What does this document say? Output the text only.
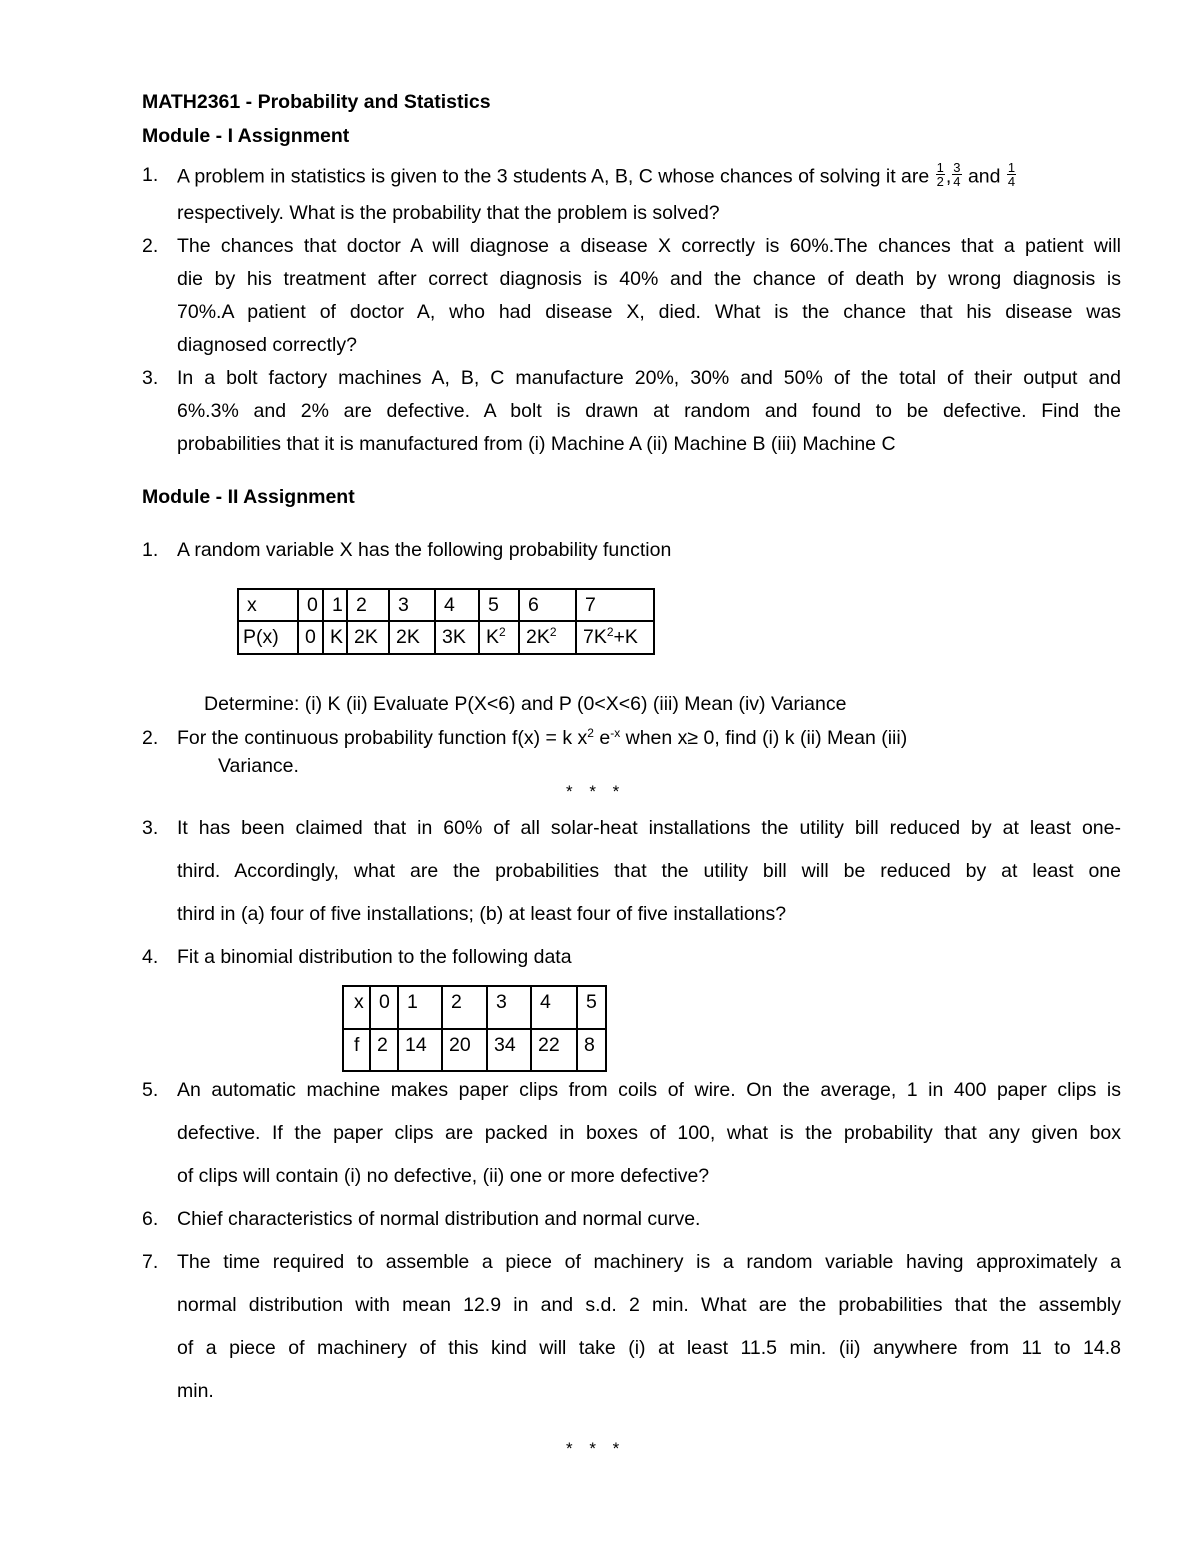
MATH2361 - Probability and Statistics
Module - I Assignment
1. A problem in statistics is given to the 3 students A, B, C whose chances of solving it are $\frac{1}{2}$ , $\frac{3}{4}$ and $\frac{1}{4}$
respectively. What is the probability that the problem is solved?
2. The chances that doctor A will diagnose a disease X correctly is 60%.The chances that a patient will
die by his treatment after correct diagnosis is 40% and the chance of death by wrong diagnosis is
70%.A patient of doctor A, who had disease X, died. What is the chance that his disease was
diagnosed correctly?
3. In a bolt factory machines A, B, C manufacture 20%, 30% and 50% of the total of their output and
6%.3% and 2% are defective. A bolt is drawn at random and found to be defective. Find the
probabilities that it is manufactured from (i) Machine A (ii) Machine B (iii) Machine C
Module - II Assignment
1. A random variable X has the following probability function
x	0	1	2	3	4	5	6	7
P(x)	0	K	2K	2K	3K	$K^2$	$2K^2$	$7K^2+K$
Determine: (i) K (ii) Evaluate P(X<6) and P (0<X<6) (iii) Mean (iv) Variance
2. For the continuous probability function f(x) = k $x^2$ $e^{-x}$ when x≥ 0, find (i) k (ii) Mean (iii)
Variance.
* * *
3. It has been claimed that in 60% of all solar-heat installations the utility bill reduced by at least one-
third. Accordingly, what are the probabilities that the utility bill will be reduced by at least one
third in (a) four of five installations; (b) at least four of five installations?
4. Fit a binomial distribution to the following data
x	0	1	2	3	4	5
f	2	14	20	34	22	8
5. An automatic machine makes paper clips from coils of wire. On the average, 1 in 400 paper clips is
defective. If the paper clips are packed in boxes of 100, what is the probability that any given box
of clips will contain (i) no defective, (ii) one or more defective?
6. Chief characteristics of normal distribution and normal curve.
7. The time required to assemble a piece of machinery is a random variable having approximately a
normal distribution with mean 12.9 in and s.d. 2 min. What are the probabilities that the assembly
of a piece of machinery of this kind will take (i) at least 11.5 min. (ii) anywhere from 11 to 14.8
min.
* * *
